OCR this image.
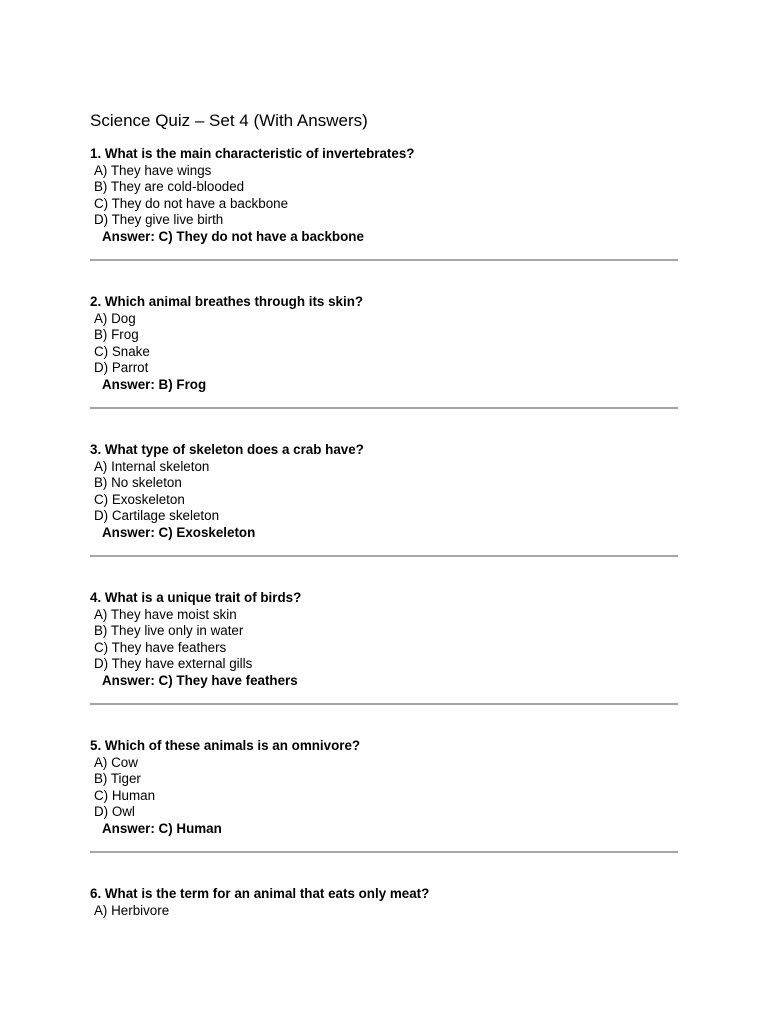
Science Quiz – Set 4 (With Answers)

1. What is the main characteristic of invertebrates?

A) They have wings

B) They are cold-blooded

C) They do not have a backbone

D) They give live birth

Answer: C) They do not have a backbone

2. Which animal breathes through its skin?

A) Dog

B) Frog

C) Snake

D) Parrot

Answer: B) Frog

3. What type of skeleton does a crab have?

A) Internal skeleton

B) No skeleton

C) Exoskeleton

D) Cartilage skeleton

Answer: C) Exoskeleton

4. What is a unique trait of birds?

A) They have moist skin

B) They live only in water

C) They have feathers

D) They have external gills

Answer: C) They have feathers

5. Which of these animals is an omnivore?

A) Cow

B) Tiger

C) Human

D) Owl

Answer: C) Human

6. What is the term for an animal that eats only meat?

A) Herbivore
